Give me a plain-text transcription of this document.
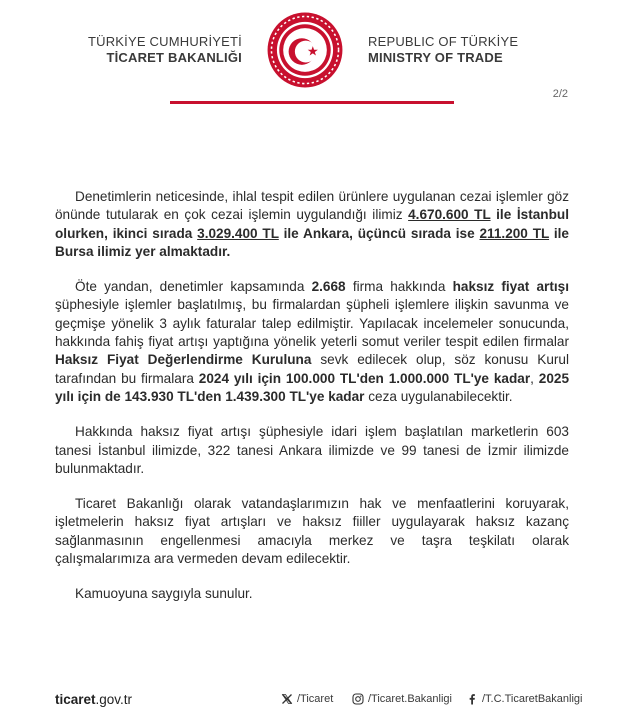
TÜRKİYE CUMHURİYETİ
TİCARET BAKANLIĞI
REPUBLIC OF TÜRKİYE
MINISTRY OF TRADE
2/2

Denetimlerin neticesinde, ihlal tespit edilen ürünlere uygulanan cezai işlemler göz önünde tutularak en çok cezai işlemin uygulandığı ilimiz 4.670.600 TL ile İstanbul olurken, ikinci sırada 3.029.400 TL ile Ankara, üçüncü sırada ise 211.200 TL ile Bursa ilimiz yer almaktadır.

Öte yandan, denetimler kapsamında 2.668 firma hakkında haksız fiyat artışı şüphesiyle işlemler başlatılmış, bu firmalardan şüpheli işlemlere ilişkin savunma ve geçmişe yönelik 3 aylık faturalar talep edilmiştir. Yapılacak incelemeler sonucunda, hakkında fahiş fiyat artışı yaptığına yönelik yeterli somut veriler tespit edilen firmalar Haksız Fiyat Değerlendirme Kuruluna sevk edilecek olup, söz konusu Kurul tarafından bu firmalara 2024 yılı için 100.000 TL'den 1.000.000 TL'ye kadar, 2025 yılı için de 143.930 TL'den 1.439.300 TL'ye kadar ceza uygulanabilecektir.

Hakkında haksız fiyat artışı şüphesiyle idari işlem başlatılan marketlerin 603 tanesi İstanbul ilimizde, 322 tanesi Ankara ilimizde ve 99 tanesi de İzmir ilimizde bulunmaktadır.

Ticaret Bakanlığı olarak vatandaşlarımızın hak ve menfaatlerini koruyarak, işletmelerin haksız fiyat artışları ve haksız fiiller uygulayarak haksız kazanç sağlanmasının engellenmesi amacıyla merkez ve taşra teşkilatı olarak çalışmalarımıza ara vermeden devam edilecektir.

Kamuoyuna saygıyla sunulur.

ticaret.gov.tr	/Ticaret	/Ticaret.Bakanligi	/T.C.TicaretBakanligi
